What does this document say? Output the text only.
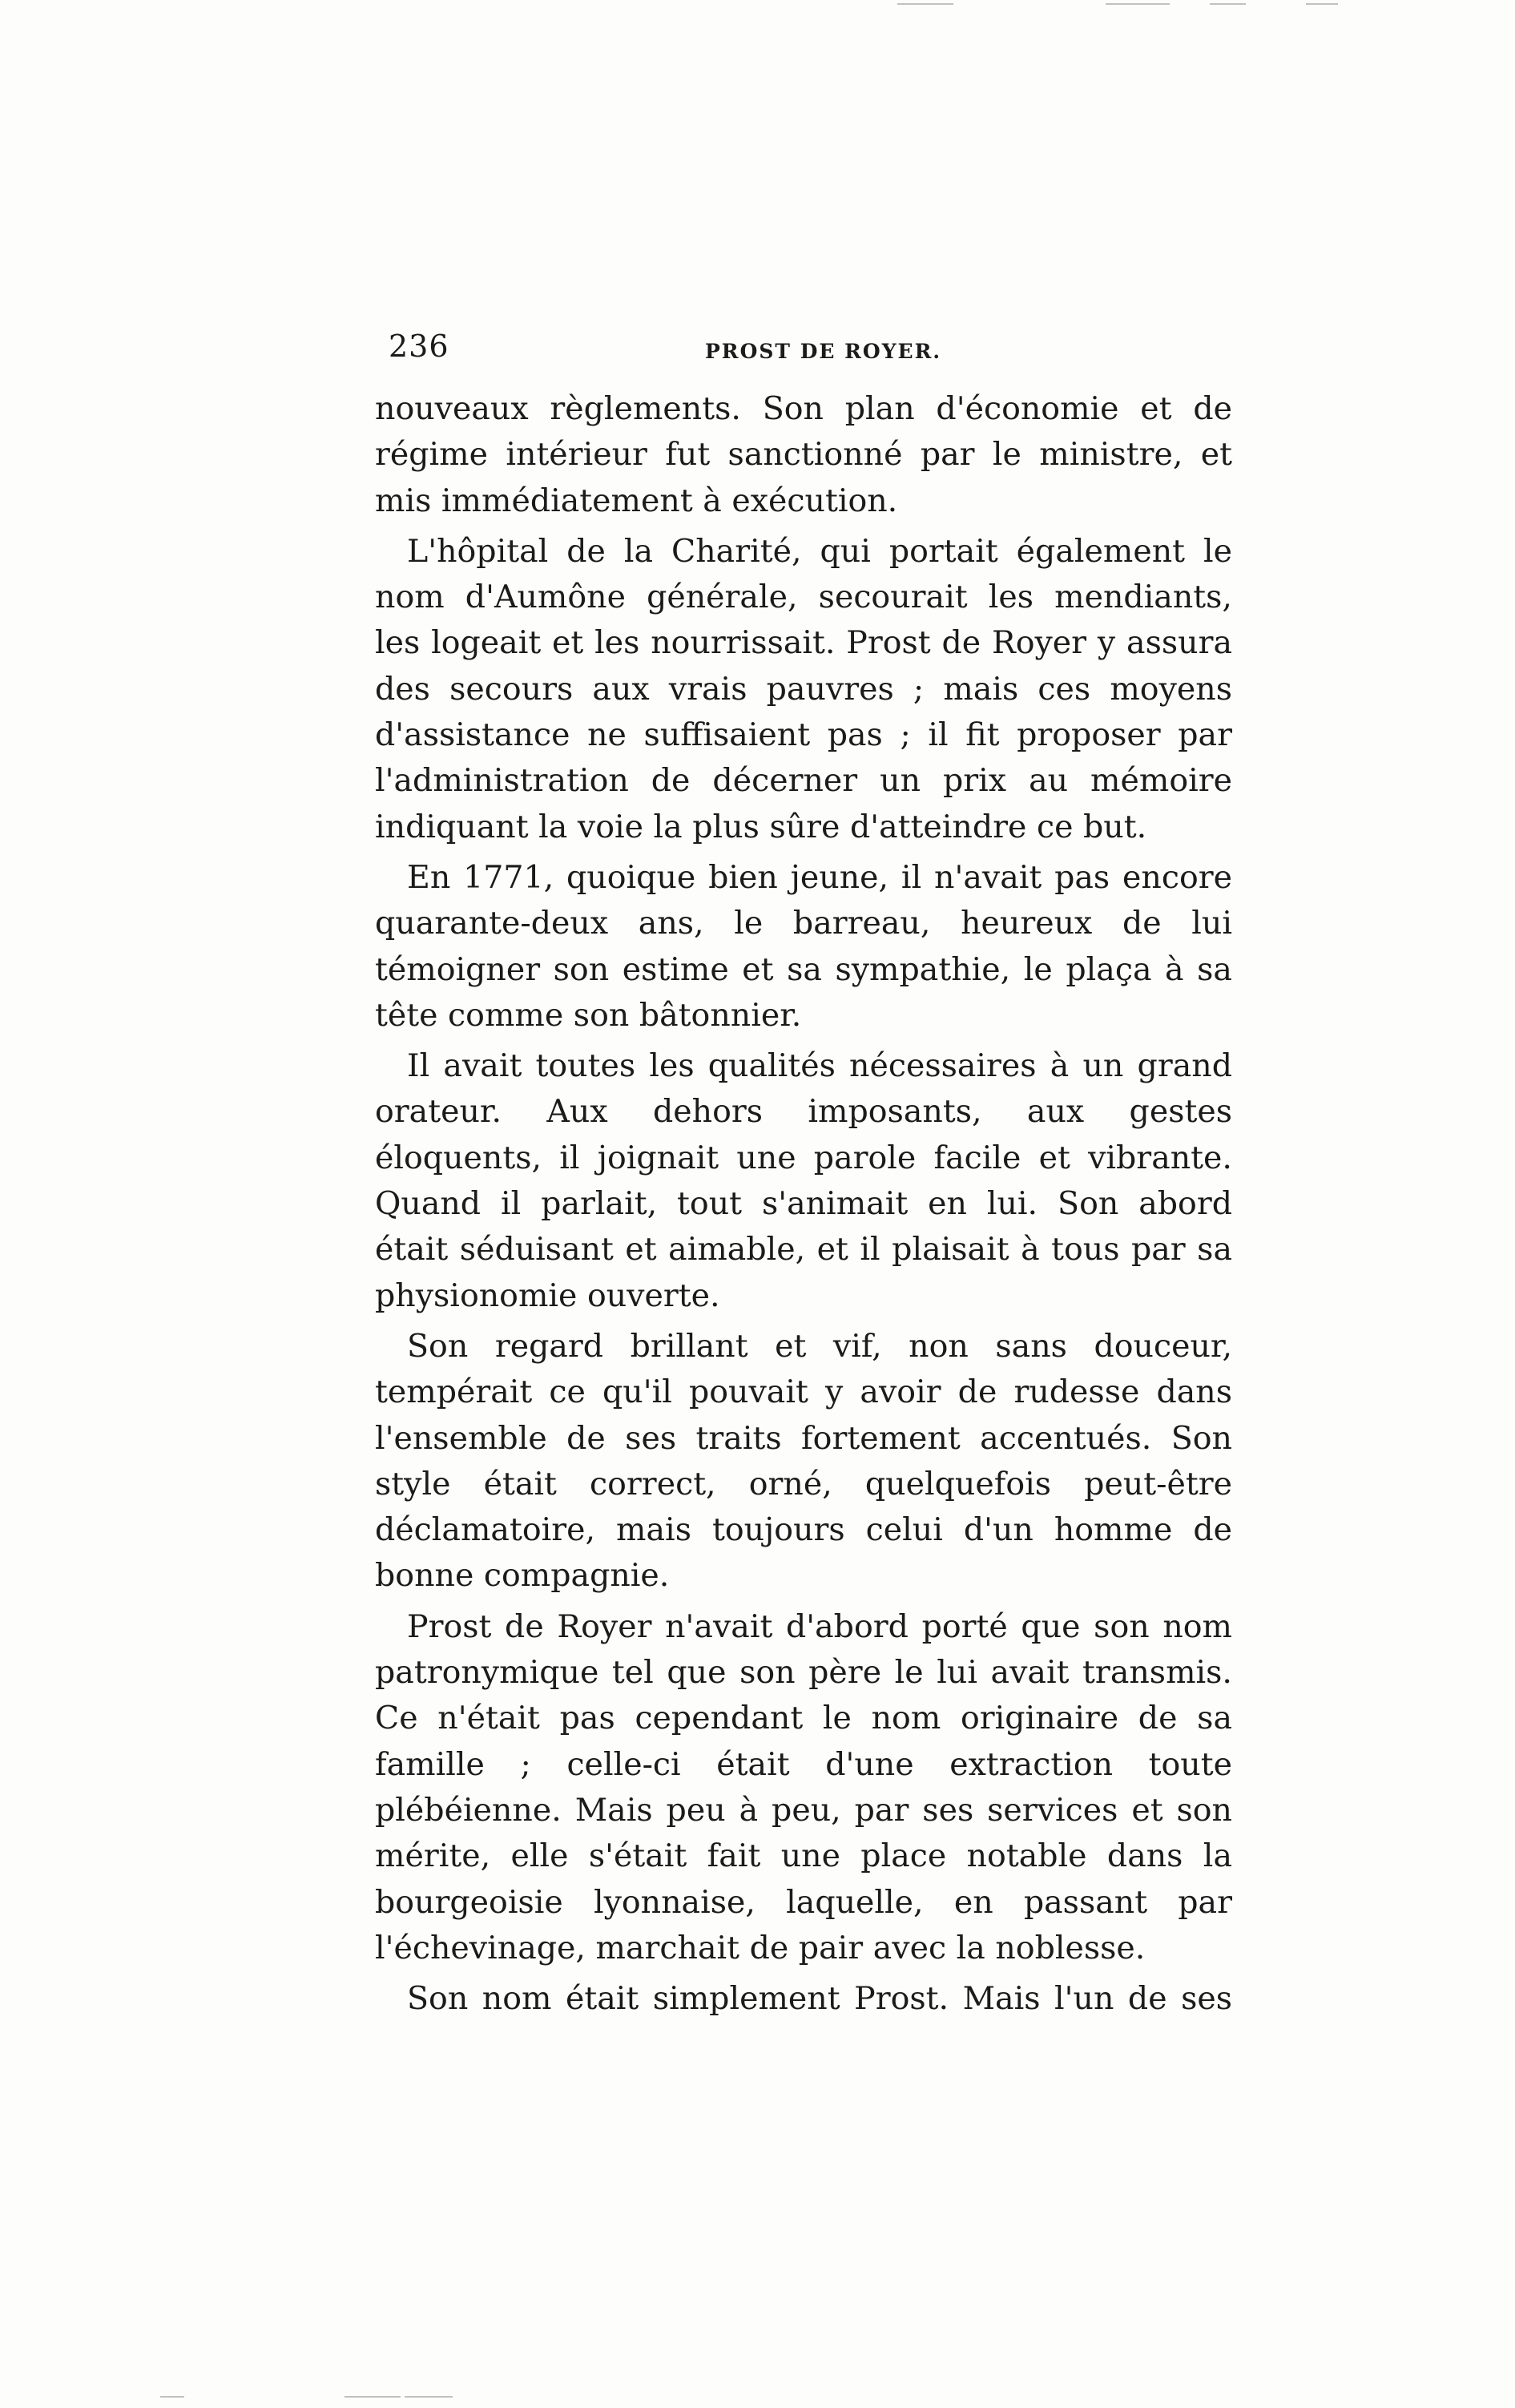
236	PROST DE ROYER.

nouveaux règlements. Son plan d'économie et de régime intérieur fut sanctionné par le ministre, et mis immédiatement à exécution.

L'hôpital de la Charité, qui portait également le nom d'Aumône générale, secourait les mendiants, les logeait et les nourrissait. Prost de Royer y assura des secours aux vrais pauvres ; mais ces moyens d'assistance ne suffisaient pas ; il fit proposer par l'administration de décerner un prix au mémoire indiquant la voie la plus sûre d'atteindre ce but.

En 1771, quoique bien jeune, il n'avait pas encore quarante-deux ans, le barreau, heureux de lui témoigner son estime et sa sympathie, le plaça à sa tête comme son bâtonnier.

Il avait toutes les qualités nécessaires à un grand orateur. Aux dehors imposants, aux gestes éloquents, il joignait une parole facile et vibrante. Quand il parlait, tout s'animait en lui. Son abord était séduisant et aimable, et il plaisait à tous par sa physionomie ouverte.

Son regard brillant et vif, non sans douceur, tempérait ce qu'il pouvait y avoir de rudesse dans l'ensemble de ses traits fortement accentués. Son style était correct, orné, quelquefois peut-être déclamatoire, mais toujours celui d'un homme de bonne compagnie.

Prost de Royer n'avait d'abord porté que son nom patronymique tel que son père le lui avait transmis. Ce n'était pas cependant le nom originaire de sa famille ; celle-ci était d'une extraction toute plébéienne. Mais peu à peu, par ses services et son mérite, elle s'était fait une place notable dans la bourgeoisie lyonnaise, laquelle, en passant par l'échevinage, marchait de pair avec la noblesse.

Son nom était simplement Prost. Mais l'un de ses
